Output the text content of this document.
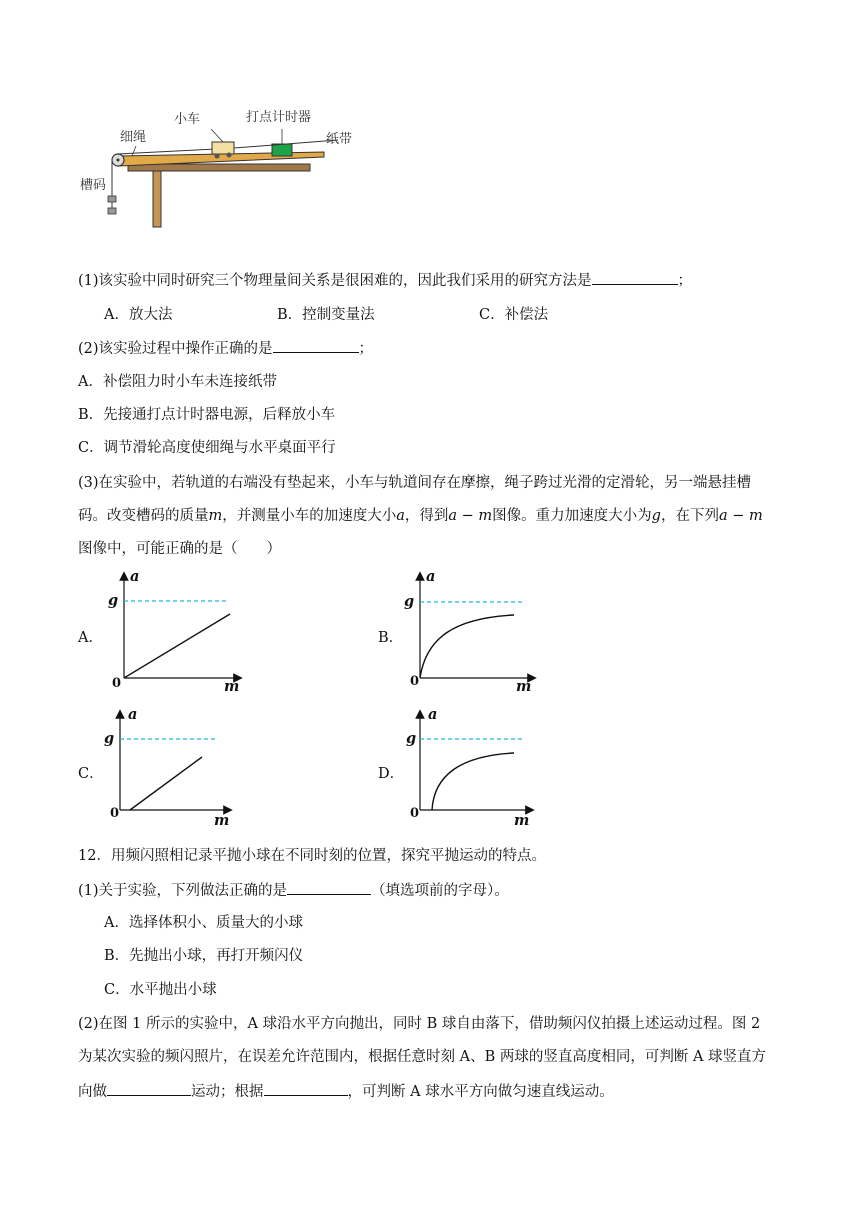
小车	打点计时器
细绳	纸带
槽码
(1)该实验中同时研究三个物理量间关系是很困难的，因此我们采用的研究方法是	；
A．放大法	B．控制变量法	C．补偿法
(2)该实验过程中操作正确的是	；
A．补偿阻力时小车未连接纸带
B．先接通打点计时器电源，后释放小车
C．调节滑轮高度使细绳与水平桌面平行
(3)在实验中，若轨道的右端没有垫起来，小车与轨道间存在摩擦，绳子跨过光滑的定滑轮，另一端悬挂槽
码。改变槽码的质量m，并测量小车的加速度大小a，得到a − m图像。重力加速度大小为g，在下列a − m
图像中，可能正确的是（　　）
A．
a
g
0	m
B．
a
g
0	m
C．
a
g
0	m
D．
a
g
0	m
12．用频闪照相记录平抛小球在不同时刻的位置，探究平抛运动的特点。
(1)关于实验，下列做法正确的是	（填选项前的字母）。
A．选择体积小、质量大的小球
B．先抛出小球，再打开频闪仪
C．水平抛出小球
(2)在图 1 所示的实验中，A 球沿水平方向抛出，同时 B 球自由落下，借助频闪仪拍摄上述运动过程。图 2
为某次实验的频闪照片，在误差允许范围内，根据任意时刻 A、B 两球的竖直高度相同，可判断 A 球竖直方
向做	运动；根据	，可判断 A 球水平方向做匀速直线运动。
